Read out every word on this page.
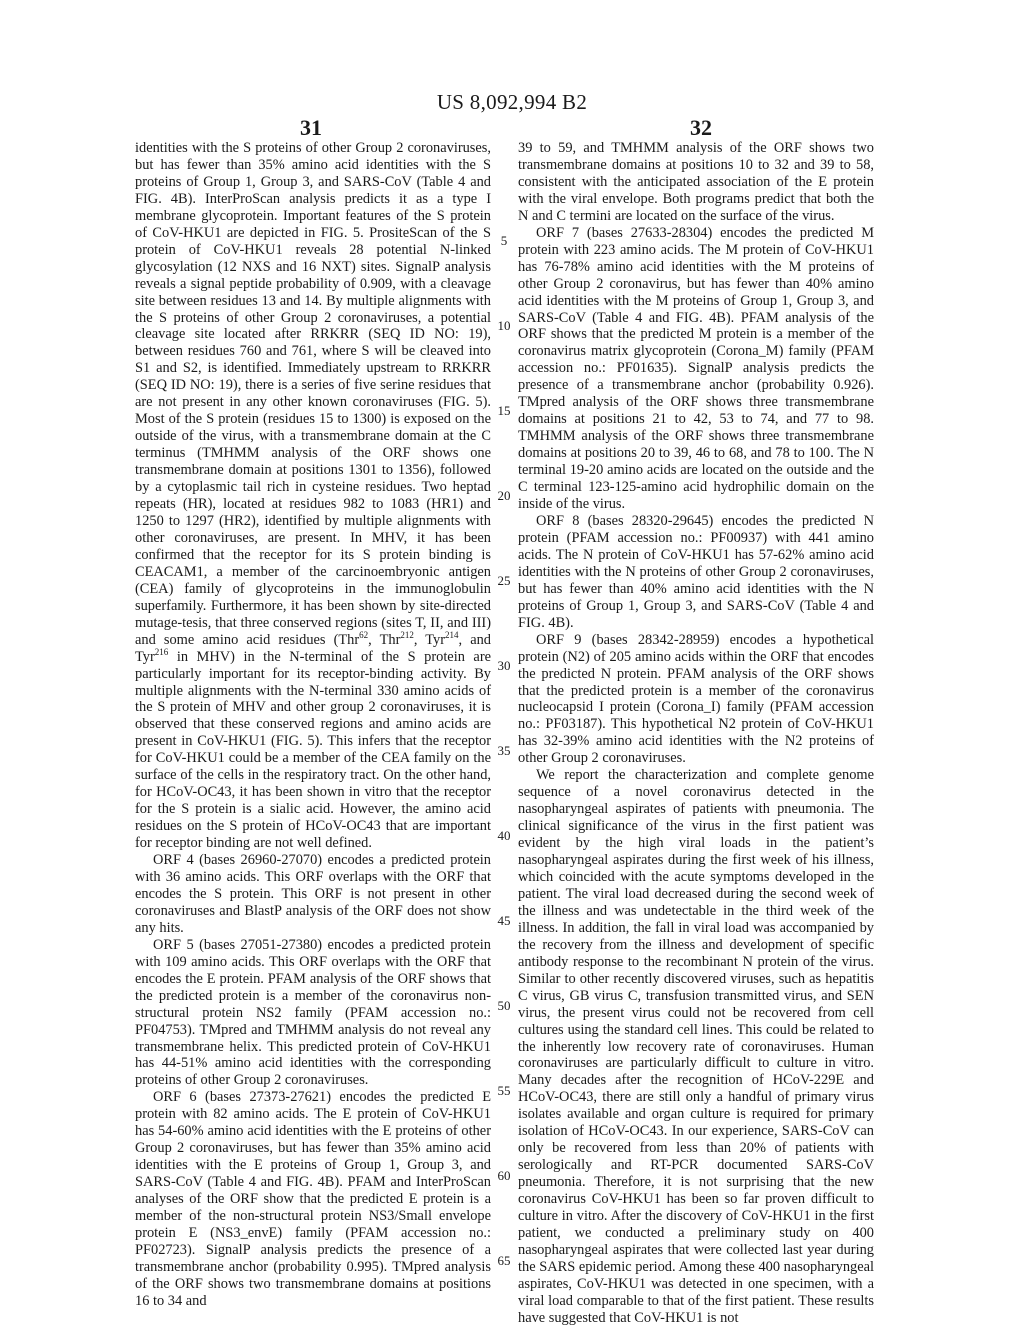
US 8,092,994 B2
31	32

identities with the S proteins of other Group 2 coronaviruses, but has fewer than 35% amino acid identities with the S proteins of Group 1, Group 3, and SARS-CoV (Table 4 and FIG. 4B). InterProScan analysis predicts it as a type I membrane glycoprotein. Important features of the S protein of CoV-HKU1 are depicted in FIG. 5. PrositeScan of the S protein of CoV-HKU1 reveals 28 potential N-linked glycosylation (12 NXS and 16 NXT) sites. SignalP analysis reveals a signal peptide probability of 0.909, with a cleavage site between residues 13 and 14. By multiple alignments with the S proteins of other Group 2 coronaviruses, a potential cleavage site located after RRKRR (SEQ ID NO: 19), between residues 760 and 761, where S will be cleaved into S1 and S2, is identified. Immediately upstream to RRKRR (SEQ ID NO: 19), there is a series of five serine residues that are not present in any other known coronaviruses (FIG. 5). Most of the S protein (residues 15 to 1300) is exposed on the outside of the virus, with a transmembrane domain at the C terminus (TMHMM analysis of the ORF shows one transmembrane domain at positions 1301 to 1356), followed by a cytoplasmic tail rich in cysteine residues. Two heptad repeats (HR), located at residues 982 to 1083 (HR1) and 1250 to 1297 (HR2), identified by multiple alignments with other coronaviruses, are present. In MHV, it has been confirmed that the receptor for its S protein binding is CEACAM1, a member of the carcinoembryonic antigen (CEA) family of glycoproteins in the immunoglobulin superfamily. Furthermore, it has been shown by site-directed mutage-tesis, that three conserved regions (sites T, II, and III) and some amino acid residues (Thr$^{62}$, Thr$^{212}$, Tyr$^{214}$, and Tyr$^{216}$ in MHV) in the N-terminal of the S protein are particularly important for its receptor-binding activity. By multiple alignments with the N-terminal 330 amino acids of the S protein of MHV and other group 2 coronaviruses, it is observed that these conserved regions and amino acids are present in CoV-HKU1 (FIG. 5). This infers that the receptor for CoV-HKU1 could be a member of the CEA family on the surface of the cells in the respiratory tract. On the other hand, for HCoV-OC43, it has been shown in vitro that the receptor for the S protein is a sialic acid. However, the amino acid residues on the S protein of HCoV-OC43 that are important for receptor binding are not well defined.

ORF 4 (bases 26960-27070) encodes a predicted protein with 36 amino acids. This ORF overlaps with the ORF that encodes the S protein. This ORF is not present in other coronaviruses and BlastP analysis of the ORF does not show any hits.

ORF 5 (bases 27051-27380) encodes a predicted protein with 109 amino acids. This ORF overlaps with the ORF that encodes the E protein. PFAM analysis of the ORF shows that the predicted protein is a member of the coronavirus non-structural protein NS2 family (PFAM accession no.: PF04753). TMpred and TMHMM analysis do not reveal any transmembrane helix. This predicted protein of CoV-HKU1 has 44-51% amino acid identities with the corresponding proteins of other Group 2 coronaviruses.

ORF 6 (bases 27373-27621) encodes the predicted E protein with 82 amino acids. The E protein of CoV-HKU1 has 54-60% amino acid identities with the E proteins of other Group 2 coronaviruses, but has fewer than 35% amino acid identities with the E proteins of Group 1, Group 3, and SARS-CoV (Table 4 and FIG. 4B). PFAM and InterProScan analyses of the ORF show that the predicted E protein is a member of the non-structural protein NS3/Small envelope protein E (NS3_envE) family (PFAM accession no.: PF02723). SignalP analysis predicts the presence of a transmembrane anchor (probability 0.995). TMpred analysis of the ORF shows two transmembrane domains at positions 16 to 34 and

5
10
15
20
25
30
35
40
45
50
55
60
65

39 to 59, and TMHMM analysis of the ORF shows two transmembrane domains at positions 10 to 32 and 39 to 58, consistent with the anticipated association of the E protein with the viral envelope. Both programs predict that both the N and C termini are located on the surface of the virus.

ORF 7 (bases 27633-28304) encodes the predicted M protein with 223 amino acids. The M protein of CoV-HKU1 has 76-78% amino acid identities with the M proteins of other Group 2 coronavirus, but has fewer than 40% amino acid identities with the M proteins of Group 1, Group 3, and SARS-CoV (Table 4 and FIG. 4B). PFAM analysis of the ORF shows that the predicted M protein is a member of the coronavirus matrix glycoprotein (Corona_M) family (PFAM accession no.: PF01635). SignalP analysis predicts the presence of a transmembrane anchor (probability 0.926). TMpred analysis of the ORF shows three transmembrane domains at positions 21 to 42, 53 to 74, and 77 to 98. TMHMM analysis of the ORF shows three transmembrane domains at positions 20 to 39, 46 to 68, and 78 to 100. The N terminal 19-20 amino acids are located on the outside and the C terminal 123-125-amino acid hydrophilic domain on the inside of the virus.

ORF 8 (bases 28320-29645) encodes the predicted N protein (PFAM accession no.: PF00937) with 441 amino acids. The N protein of CoV-HKU1 has 57-62% amino acid identities with the N proteins of other Group 2 coronaviruses, but has fewer than 40% amino acid identities with the N proteins of Group 1, Group 3, and SARS-CoV (Table 4 and FIG. 4B).

ORF 9 (bases 28342-28959) encodes a hypothetical protein (N2) of 205 amino acids within the ORF that encodes the predicted N protein. PFAM analysis of the ORF shows that the predicted protein is a member of the coronavirus nucleocapsid I protein (Corona_I) family (PFAM accession no.: PF03187). This hypothetical N2 protein of CoV-HKU1 has 32-39% amino acid identities with the N2 proteins of other Group 2 coronaviruses.

We report the characterization and complete genome sequence of a novel coronavirus detected in the nasopharyngeal aspirates of patients with pneumonia. The clinical significance of the virus in the first patient was evident by the high viral loads in the patient’s nasopharyngeal aspirates during the first week of his illness, which coincided with the acute symptoms developed in the patient. The viral load decreased during the second week of the illness and was undetectable in the third week of the illness. In addition, the fall in viral load was accompanied by the recovery from the illness and development of specific antibody response to the recombinant N protein of the virus. Similar to other recently discovered viruses, such as hepatitis C virus, GB virus C, transfusion transmitted virus, and SEN virus, the present virus could not be recovered from cell cultures using the standard cell lines. This could be related to the inherently low recovery rate of coronaviruses. Human coronaviruses are particularly difficult to culture in vitro. Many decades after the recognition of HCoV-229E and HCoV-OC43, there are still only a handful of primary virus isolates available and organ culture is required for primary isolation of HCoV-OC43. In our experience, SARS-CoV can only be recovered from less than 20% of patients with serologically and RT-PCR documented SARS-CoV pneumonia. Therefore, it is not surprising that the new coronavirus CoV-HKU1 has been so far proven difficult to culture in vitro. After the discovery of CoV-HKU1 in the first patient, we conducted a preliminary study on 400 nasopharyngeal aspirates that were collected last year during the SARS epidemic period. Among these 400 nasopharyngeal aspirates, CoV-HKU1 was detected in one specimen, with a viral load comparable to that of the first patient. These results have suggested that CoV-HKU1 is not
